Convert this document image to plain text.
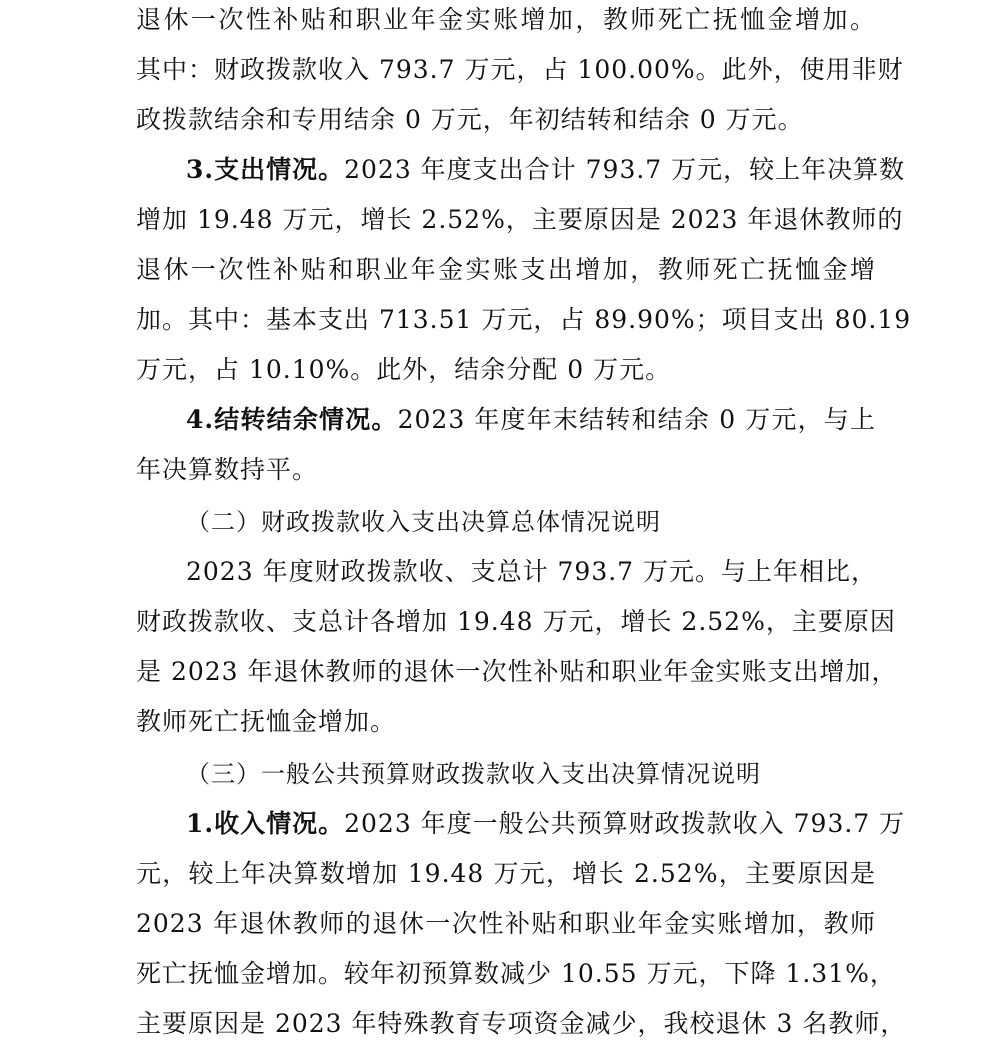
退休一次性补贴和职业年金实账增加，教师死亡抚恤金增加。
其中：财政拨款收入 793.7 万元，占 100.00%。此外，使用非财
政拨款结余和专用结余 0 万元，年初结转和结余 0 万元。
3.支出情况。2023 年度支出合计 793.7 万元，较上年决算数
增加 19.48 万元，增长 2.52%，主要原因是 2023 年退休教师的
退休一次性补贴和职业年金实账支出增加，教师死亡抚恤金增
加。其中：基本支出 713.51 万元，占 89.90%；项目支出 80.19
万元，占 10.10%。此外，结余分配 0 万元。
4.结转结余情况。2023 年度年末结转和结余 0 万元，与上
年决算数持平。
（二）财政拨款收入支出决算总体情况说明
2023 年度财政拨款收、支总计 793.7 万元。与上年相比，
财政拨款收、支总计各增加 19.48 万元，增长 2.52%，主要原因
是 2023 年退休教师的退休一次性补贴和职业年金实账支出增加，
教师死亡抚恤金增加。
（三）一般公共预算财政拨款收入支出决算情况说明
1.收入情况。2023 年度一般公共预算财政拨款收入 793.7 万
元，较上年决算数增加 19.48 万元，增长 2.52%，主要原因是
2023 年退休教师的退休一次性补贴和职业年金实账增加，教师
死亡抚恤金增加。较年初预算数减少 10.55 万元，下降 1.31%，
主要原因是 2023 年特殊教育专项资金减少，我校退休 3 名教师，
